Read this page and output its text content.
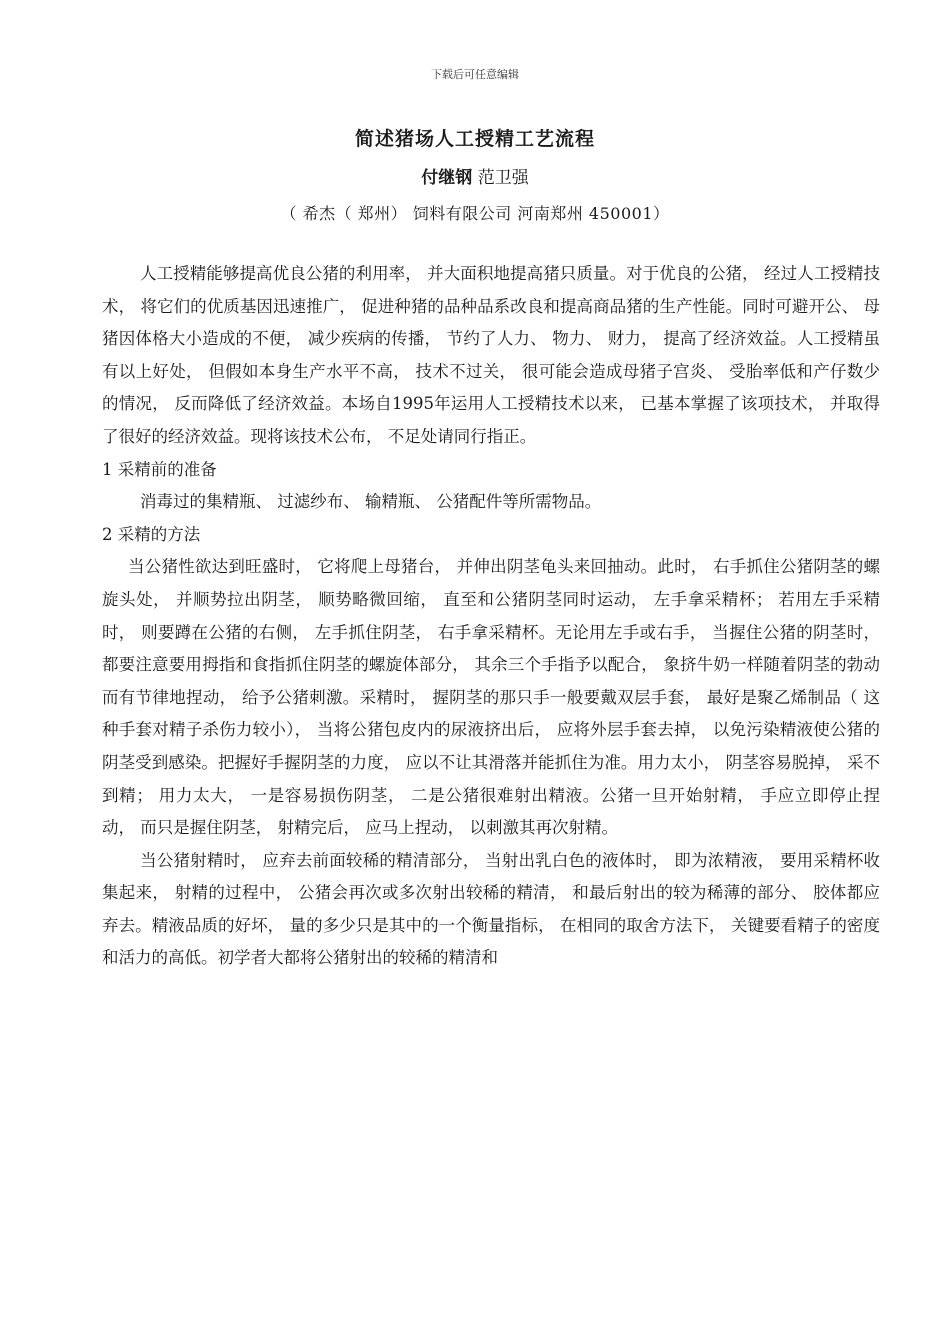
下载后可任意编辑
简述猪场人工授精工艺流程
付继钢 范卫强
（ 希杰（ 郑州） 饲料有限公司 河南郑州 450001）

人工授精能够提高优良公猪的利用率， 并大面积地提高猪只质量。对于优良的公猪， 经过人工授精技术， 将它们的优质基因迅速推广， 促进种猪的品种品系改良和提高商品猪的生产性能。同时可避开公、 母猪因体格大小造成的不便， 减少疾病的传播， 节约了人力、 物力、 财力， 提高了经济效益。人工授精虽有以上好处， 但假如本身生产水平不高， 技术不过关， 很可能会造成母猪子宫炎、 受胎率低和产仔数少的情况， 反而降低了经济效益。本场自1995年运用人工授精技术以来， 已基本掌握了该项技术， 并取得了很好的经济效益。现将该技术公布， 不足处请同行指正。

1 采精前的准备

消毒过的集精瓶、 过滤纱布、 输精瓶、 公猪配件等所需物品。

2 采精的方法

当公猪性欲达到旺盛时， 它将爬上母猪台， 并伸出阴茎龟头来回抽动。此时， 右手抓住公猪阴茎的螺旋头处， 并顺势拉出阴茎， 顺势略微回缩， 直至和公猪阴茎同时运动， 左手拿采精杯； 若用左手采精时， 则要蹲在公猪的右侧， 左手抓住阴茎， 右手拿采精杯。无论用左手或右手， 当握住公猪的阴茎时， 都要注意要用拇指和食指抓住阴茎的螺旋体部分， 其余三个手指予以配合， 象挤牛奶一样随着阴茎的勃动而有节律地捏动， 给予公猪刺激。采精时， 握阴茎的那只手一般要戴双层手套， 最好是聚乙烯制品（ 这种手套对精子杀伤力较小）， 当将公猪包皮内的尿液挤出后， 应将外层手套去掉， 以免污染精液使公猪的阴茎受到感染。把握好手握阴茎的力度， 应以不让其滑落并能抓住为准。用力太小， 阴茎容易脱掉， 采不到精； 用力太大， 一是容易损伤阴茎， 二是公猪很难射出精液。公猪一旦开始射精， 手应立即停止捏动， 而只是握住阴茎， 射精完后， 应马上捏动， 以刺激其再次射精。

当公猪射精时， 应弃去前面较稀的精清部分， 当射出乳白色的液体时， 即为浓精液， 要用采精杯收集起来， 射精的过程中， 公猪会再次或多次射出较稀的精清， 和最后射出的较为稀薄的部分、 胶体都应弃去。精液品质的好坏， 量的多少只是其中的一个衡量指标， 在相同的取舍方法下， 关键要看精子的密度和活力的高低。初学者大都将公猪射出的较稀的精清和
